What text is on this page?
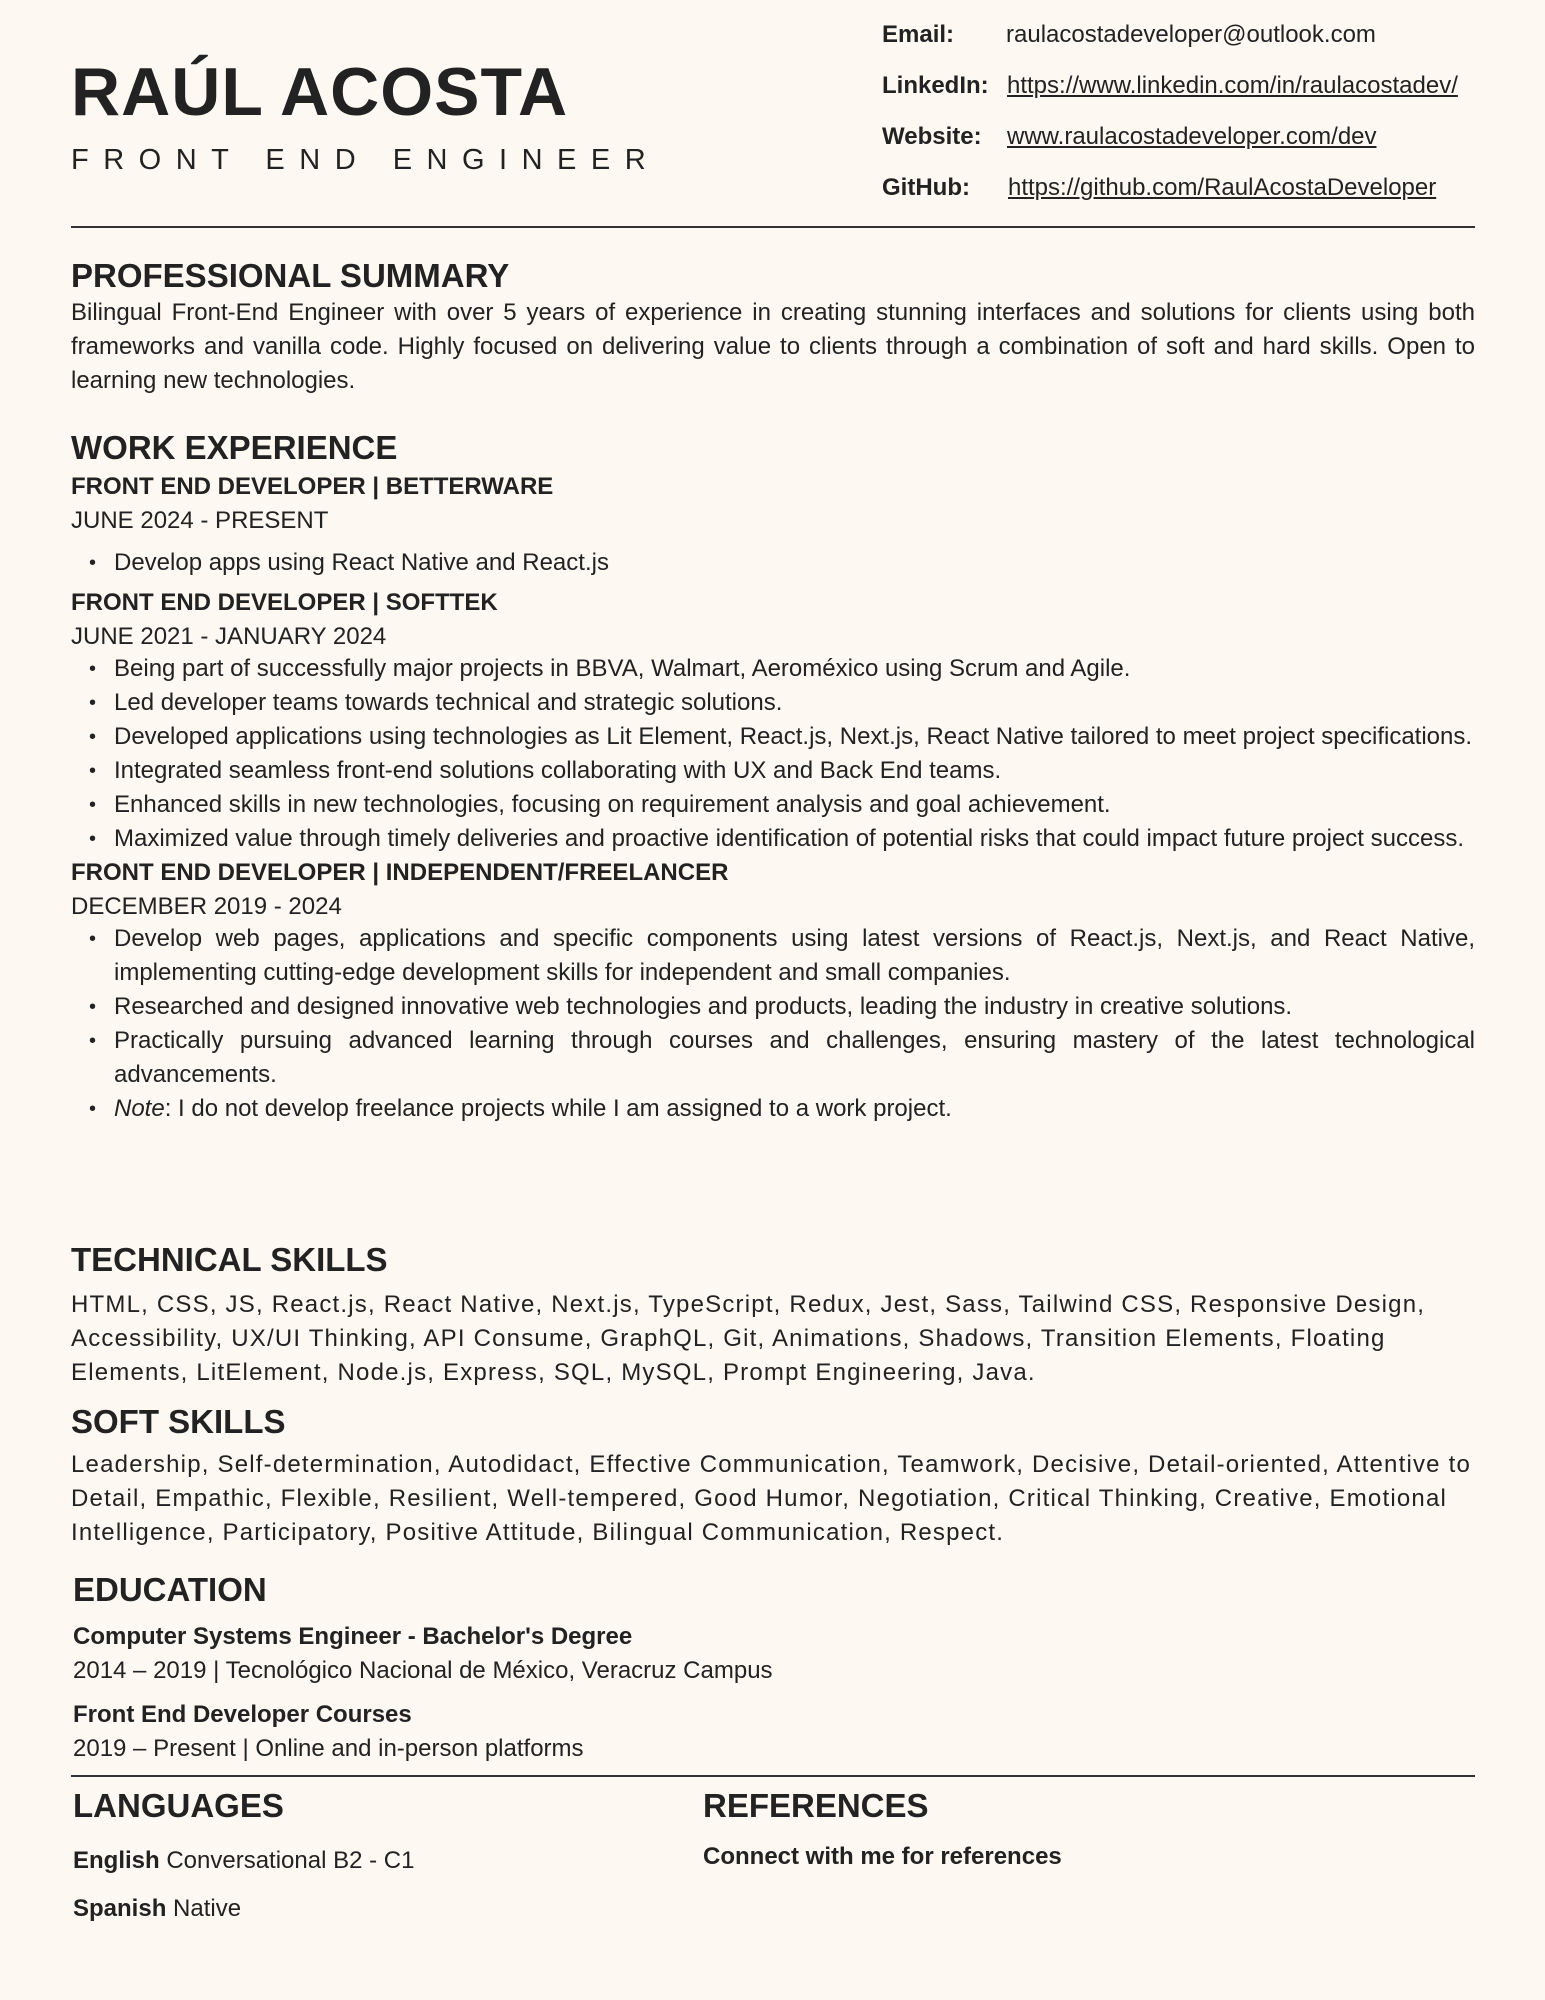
RAÚL ACOSTA
FRONT END ENGINEER
Email: raulacostadeveloper@outlook.com
LinkedIn: https://www.linkedin.com/in/raulacostadev/
Website: www.raulacostadeveloper.com/dev
GitHub: https://github.com/RaulAcostaDeveloper
PROFESSIONAL SUMMARY
Bilingual Front-End Engineer with over 5 years of experience in creating stunning interfaces and solutions for clients using both frameworks and vanilla code. Highly focused on delivering value to clients through a combination of soft and hard skills. Open to learning new technologies.
WORK EXPERIENCE
FRONT END DEVELOPER | BETTERWARE
JUNE 2024 - PRESENT
• Develop apps using React Native and React.js
FRONT END DEVELOPER | SOFTTEK
JUNE 2021 - JANUARY 2024
• Being part of successfully major projects in BBVA, Walmart, Aeroméxico using Scrum and Agile.
• Led developer teams towards technical and strategic solutions.
• Developed applications using technologies as Lit Element, React.js, Next.js, React Native tailored to meet project specifications.
• Integrated seamless front-end solutions collaborating with UX and Back End teams.
• Enhanced skills in new technologies, focusing on requirement analysis and goal achievement.
• Maximized value through timely deliveries and proactive identification of potential risks that could impact future project success.
FRONT END DEVELOPER | INDEPENDENT/FREELANCER
DECEMBER 2019 - 2024
• Develop web pages, applications and specific components using latest versions of React.js, Next.js, and React Native, implementing cutting-edge development skills for independent and small companies.
• Researched and designed innovative web technologies and products, leading the industry in creative solutions.
• Practically pursuing advanced learning through courses and challenges, ensuring mastery of the latest technological advancements.
• Note: I do not develop freelance projects while I am assigned to a work project.
TECHNICAL SKILLS
HTML, CSS, JS, React.js, React Native, Next.js, TypeScript, Redux, Jest, Sass, Tailwind CSS, Responsive Design, Accessibility, UX/UI Thinking, API Consume, GraphQL, Git, Animations, Shadows, Transition Elements, Floating Elements, LitElement, Node.js, Express, SQL, MySQL, Prompt Engineering, Java.
SOFT SKILLS
Leadership, Self-determination, Autodidact, Effective Communication, Teamwork, Decisive, Detail-oriented, Attentive to Detail, Empathic, Flexible, Resilient, Well-tempered, Good Humor, Negotiation, Critical Thinking, Creative, Emotional Intelligence, Participatory, Positive Attitude, Bilingual Communication, Respect.
EDUCATION
Computer Systems Engineer - Bachelor's Degree
2014 – 2019 | Tecnológico Nacional de México, Veracruz Campus
Front End Developer Courses
2019 – Present | Online and in-person platforms
LANGUAGES
English Conversational B2 - C1
Spanish Native
REFERENCES
Connect with me for references
